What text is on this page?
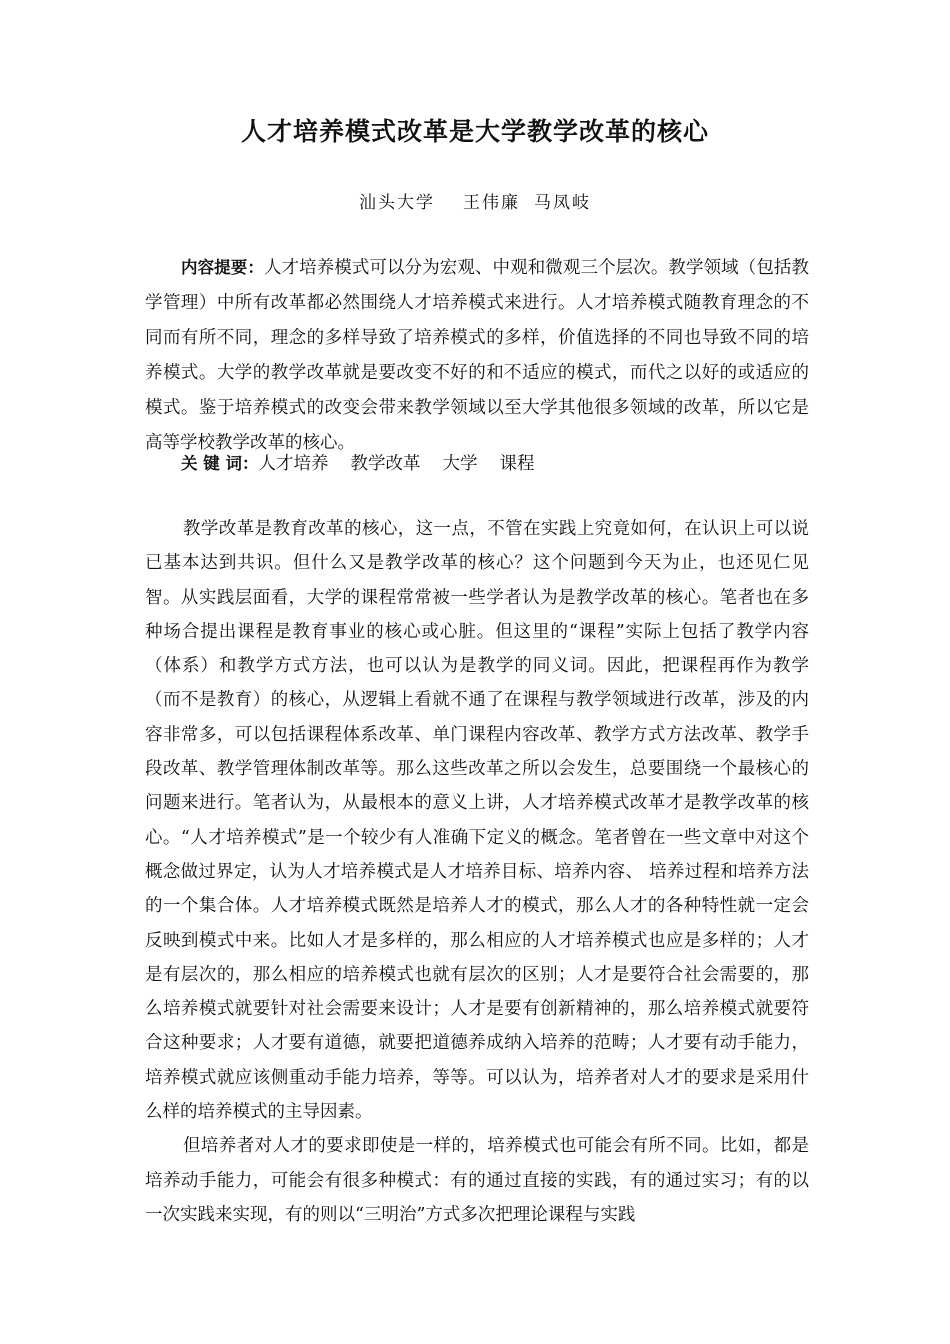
人才培养模式改革是大学教学改革的核心
汕头大学 王伟廉 马凤岐
内容提要：人才培养模式可以分为宏观、中观和微观三个层次。教学领域（包括教学管理）中所有改革都必然围绕人才培养模式来进行。人才培养模式随教育理念的不同而有所不同，理念的多样导致了培养模式的多样，价值选择的不同也导致不同的培养模式。大学的教学改革就是要改变不好的和不适应的模式，而代之以好的或适应的模式。鉴于培养模式的改变会带来教学领域以至大学其他很多领域的改革，所以它是高等学校教学改革的核心。
关 键 词：人才培养 教学改革 大学 课程

教学改革是教育改革的核心，这一点，不管在实践上究竟如何，在认识上可以说已基本达到共识。但什么又是教学改革的核心？这个问题到今天为止，也还见仁见智。从实践层面看，大学的课程常常被一些学者认为是教学改革的核心。笔者也在多种场合提出课程是教育事业的核心或心脏。但这里的“课程”实际上包括了教学内容（体系）和教学方式方法，也可以认为是教学的同义词。因此，把课程再作为教学（而不是教育）的核心，从逻辑上看就不通了在课程与教学领域进行改革，涉及的内容非常多，可以包括课程体系改革、单门课程内容改革、教学方式方法改革、教学手段改革、教学管理体制改革等。那么这些改革之所以会发生，总要围绕一个最核心的问题来进行。笔者认为，从最根本的意义上讲，人才培养模式改革才是教学改革的核心。“人才培养模式”是一个较少有人准确下定义的概念。笔者曾在一些文章中对这个概念做过界定，认为人才培养模式是人才培养目标、培养内容、 培养过程和培养方法的一个集合体。人才培养模式既然是培养人才的模式，那么人才的各种特性就一定会反映到模式中来。比如人才是多样的，那么相应的人才培养模式也应是多样的；人才是有层次的，那么相应的培养模式也就有层次的区别；人才是要符合社会需要的，那么培养模式就要针对社会需要来设计；人才是要有创新精神的，那么培养模式就要符合这种要求；人才要有道德，就要把道德养成纳入培养的范畴；人才要有动手能力，培养模式就应该侧重动手能力培养，等等。可以认为，培养者对人才的要求是采用什么样的培养模式的主导因素。

但培养者对人才的要求即使是一样的，培养模式也可能会有所不同。比如，都是培养动手能力，可能会有很多种模式：有的通过直接的实践，有的通过实习；有的以一次实践来实现，有的则以“三明治”方式多次把理论课程与实践
